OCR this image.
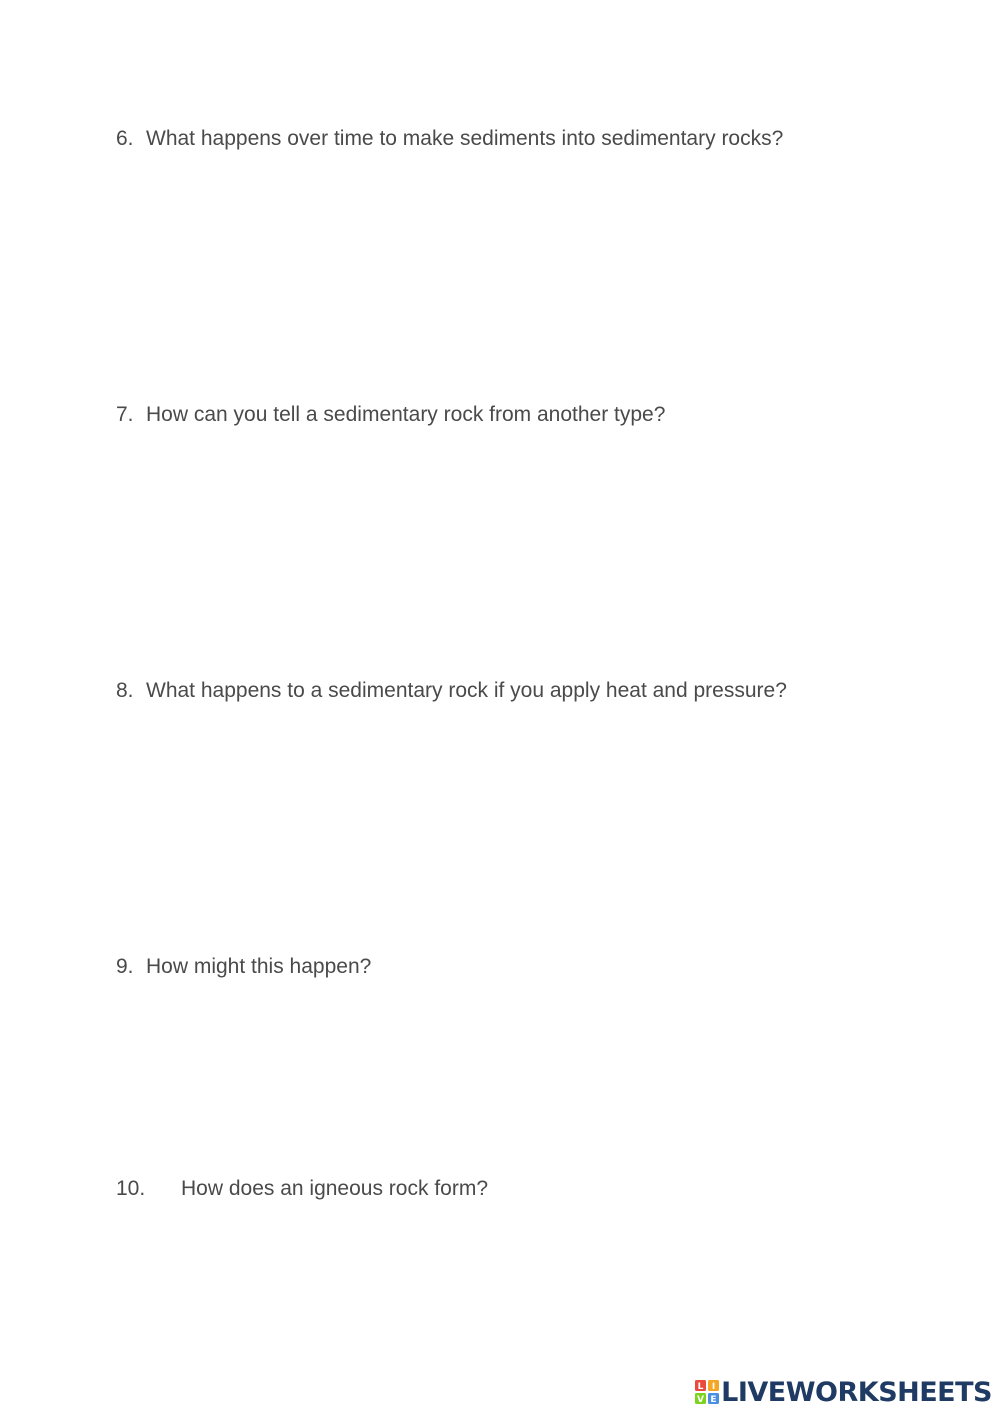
6. What happens over time to make sediments into sedimentary rocks?
7. How can you tell a sedimentary rock from another type?
8. What happens to a sedimentary rock if you apply heat and pressure?
9. How might this happen?
10. How does an igneous rock form?
L I
V E LIVEWORKSHEETS
